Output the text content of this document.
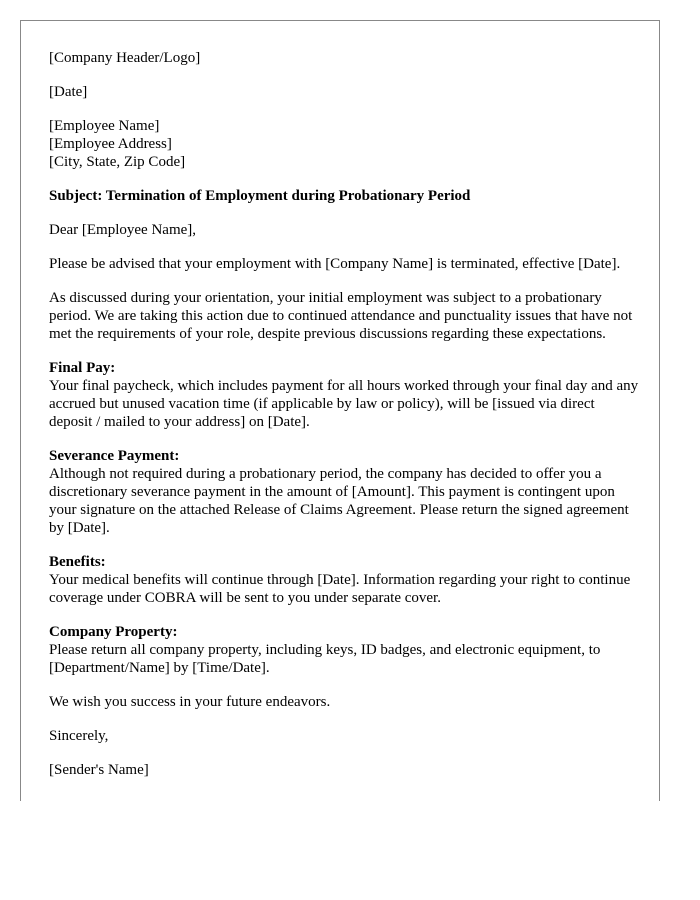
[Company Header/Logo]

[Date]

[Employee Name]
[Employee Address]
[City, State, Zip Code]

Subject: Termination of Employment during Probationary Period

Dear [Employee Name],

Please be advised that your employment with [Company Name] is terminated, effective [Date].

As discussed during your orientation, your initial employment was subject to a probationary period. We are taking this action due to continued attendance and punctuality issues that have not met the requirements of your role, despite previous discussions regarding these expectations.

Final Pay:
Your final paycheck, which includes payment for all hours worked through your final day and any accrued but unused vacation time (if applicable by law or policy), will be [issued via direct deposit / mailed to your address] on [Date].

Severance Payment:
Although not required during a probationary period, the company has decided to offer you a discretionary severance payment in the amount of [Amount]. This payment is contingent upon your signature on the attached Release of Claims Agreement. Please return the signed agreement by [Date].

Benefits:
Your medical benefits will continue through [Date]. Information regarding your right to continue coverage under COBRA will be sent to you under separate cover.

Company Property:
Please return all company property, including keys, ID badges, and electronic equipment, to [Department/Name] by [Time/Date].

We wish you success in your future endeavors.

Sincerely,

[Sender's Name]
